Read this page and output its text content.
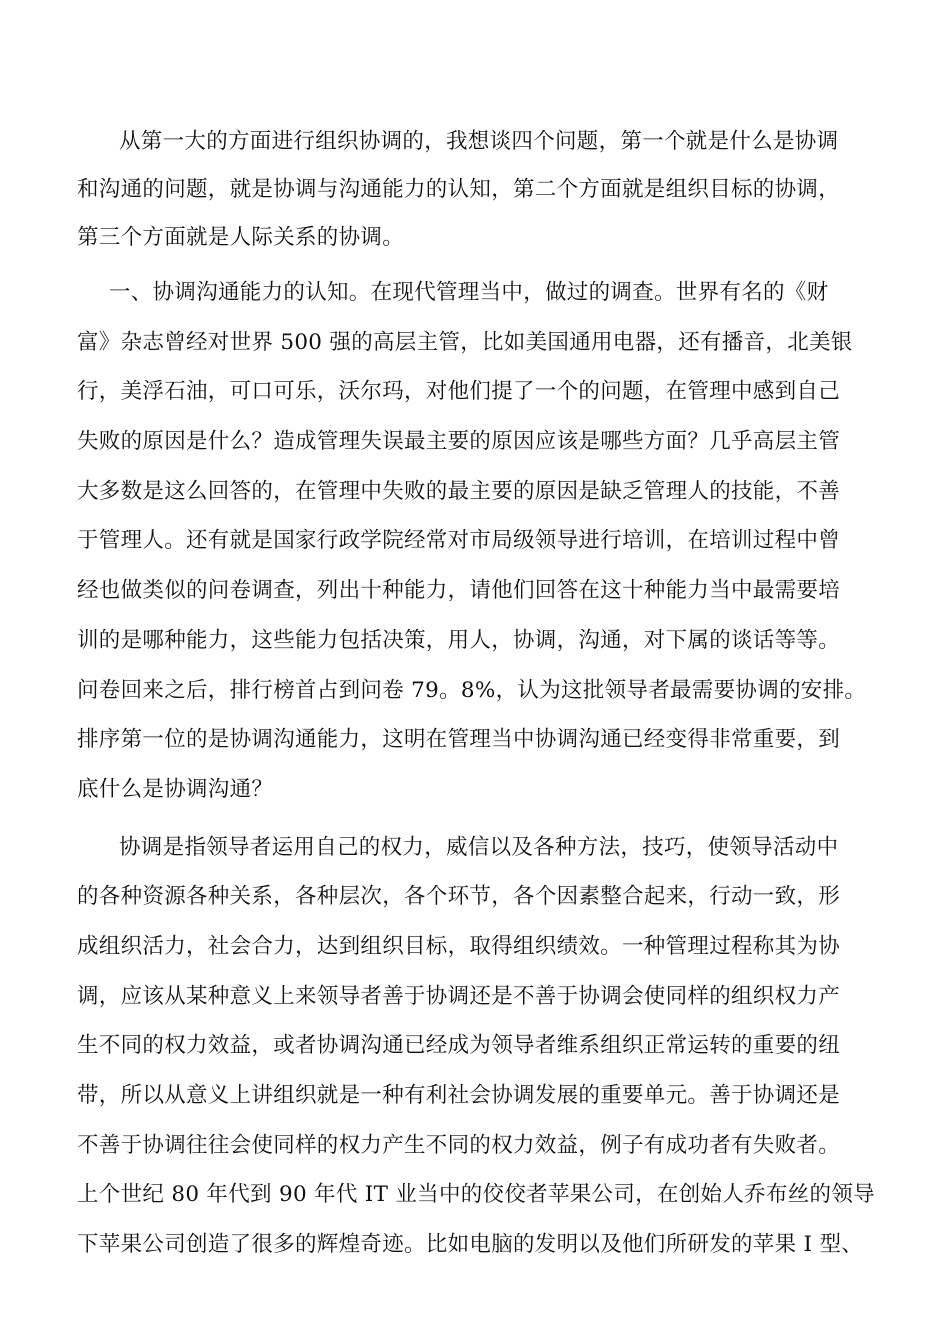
从第一大的方面进行组织协调的，我想谈四个问题，第一个就是什么是协调
和沟通的问题，就是协调与沟通能力的认知，第二个方面就是组织目标的协调，
第三个方面就是人际关系的协调。
一、协调沟通能力的认知。在现代管理当中，做过的调查。世界有名的《财
富》杂志曾经对世界 500 强的高层主管，比如美国通用电器，还有播音，北美银
行，美浮石油，可口可乐，沃尔玛，对他们提了一个的问题，在管理中感到自己
失败的原因是什么？造成管理失误最主要的原因应该是哪些方面？几乎高层主管
大多数是这么回答的，在管理中失败的最主要的原因是缺乏管理人的技能，不善
于管理人。还有就是国家行政学院经常对市局级领导进行培训，在培训过程中曾
经也做类似的问卷调查，列出十种能力，请他们回答在这十种能力当中最需要培
训的是哪种能力，这些能力包括决策，用人，协调，沟通，对下属的谈话等等。
问卷回来之后，排行榜首占到问卷 79。8%，认为这批领导者最需要协调的安排。
排序第一位的是协调沟通能力，这明在管理当中协调沟通已经变得非常重要，到
底什么是协调沟通？
协调是指领导者运用自己的权力，威信以及各种方法，技巧，使领导活动中
的各种资源各种关系，各种层次，各个环节，各个因素整合起来，行动一致，形
成组织活力，社会合力，达到组织目标，取得组织绩效。一种管理过程称其为协
调，应该从某种意义上来领导者善于协调还是不善于协调会使同样的组织权力产
生不同的权力效益，或者协调沟通已经成为领导者维系组织正常运转的重要的纽
带，所以从意义上讲组织就是一种有利社会协调发展的重要单元。善于协调还是
不善于协调往往会使同样的权力产生不同的权力效益，例子有成功者有失败者。
上个世纪 80 年代到 90 年代 IT 业当中的佼佼者苹果公司，在创始人乔布丝的领导
下苹果公司创造了很多的辉煌奇迹。比如电脑的发明以及他们所研发的苹果 I 型、
